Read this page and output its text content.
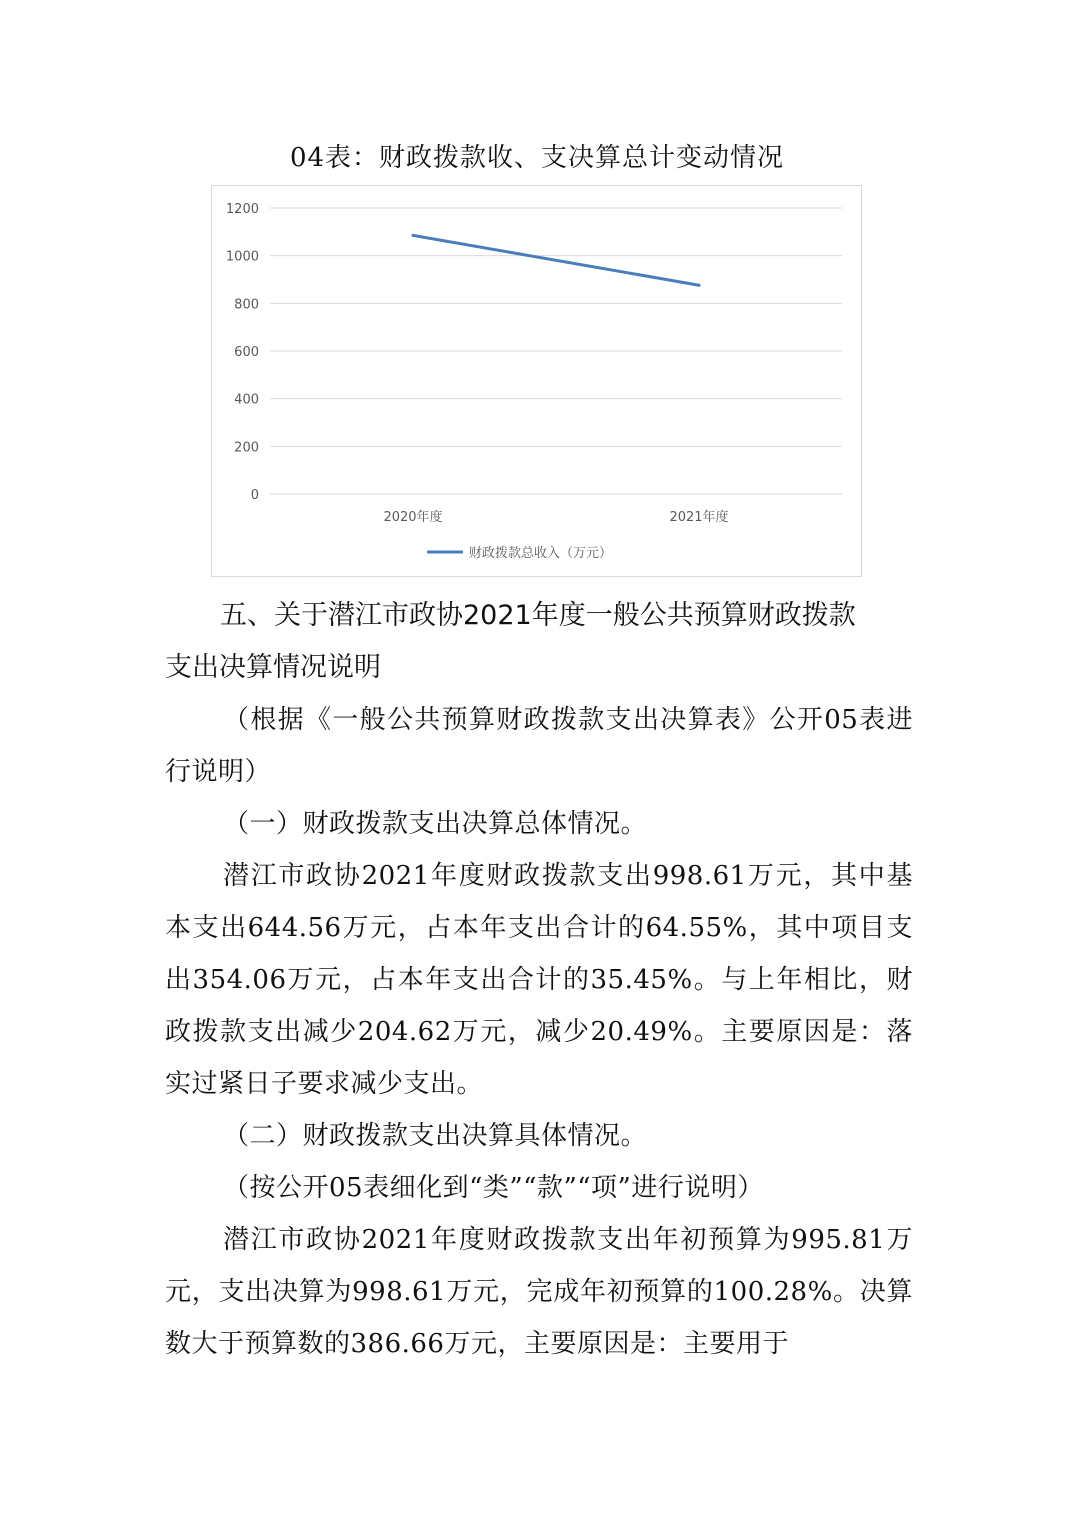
04表：财政拨款收、支决算总计变动情况
0
200
400
600
800
1000
1200
2020年度	2021年度
财政拨款总收入（万元）
五、关于潜江市政协2021年度一般公共预算财政拨款
支出决算情况说明

（根据《一般公共预算财政拨款支出决算表》公开05表进行说明）

（一）财政拨款支出决算总体情况。

潜江市政协2021年度财政拨款支出998.61万元，其中基本支出644.56万元，占本年支出合计的64.55%，其中项目支出354.06万元，占本年支出合计的35.45%。与上年相比，财政拨款支出减少204.62万元，减少20.49%。主要原因是：落实过紧日子要求减少支出。

（二）财政拨款支出决算具体情况。

（按公开05表细化到“类”“款”“项”进行说明）

潜江市政协2021年度财政拨款支出年初预算为995.81万元，支出决算为998.61万元，完成年初预算的100.28%。决算数大于预算数的386.66万元，主要原因是：主要用于
